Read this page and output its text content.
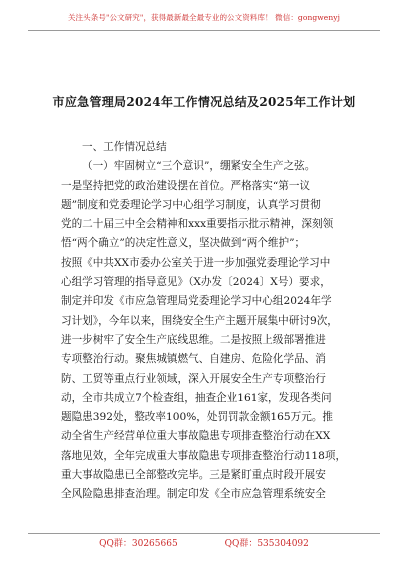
关注头条号"公文研究"，获得最新最全最专业的公文资料库！ 微信：gongwenyj
市应急管理局2024年工作情况总结及2025年工作计划

一、工作情况总结

（一）牢固树立“三个意识”，绷紧安全生产之弦。

一是坚持把党的政治建设摆在首位。严格落实“第一议

题”制度和党委理论学习中心组学习制度，认真学习贯彻

党的二十届三中全会精神和xxx重要指示批示精神，深刻领

悟“两个确立”的决定性意义，坚决做到“两个维护”；

按照《中共XX市委办公室关于进一步加强党委理论学习中

心组学习管理的指导意见》（X办发〔2024〕X号）要求，

制定并印发《市应急管理局党委理论学习中心组2024年学

习计划》，今年以来，围绕安全生产主题开展集中研讨9次，

进一步树牢了安全生产底线思维。二是按照上级部署推进

专项整治行动。聚焦城镇燃气、自建房、危险化学品、消

防、工贸等重点行业领域，深入开展安全生产专项整治行

动，全市共成立7个检查组，抽查企业161家，发现各类问

题隐患392处，整改率100%，处罚罚款金额165万元。推

动全省生产经营单位重大事故隐患专项排查整治行动在XX

落地见效，全年完成重大事故隐患专项排查整治行动118项，

重大事故隐患已全部整改完毕。三是紧盯重点时段开展安

全风险隐患排查治理。制定印发《全市应急管理系统安全

QQ群：30265665	QQ群：535304092
